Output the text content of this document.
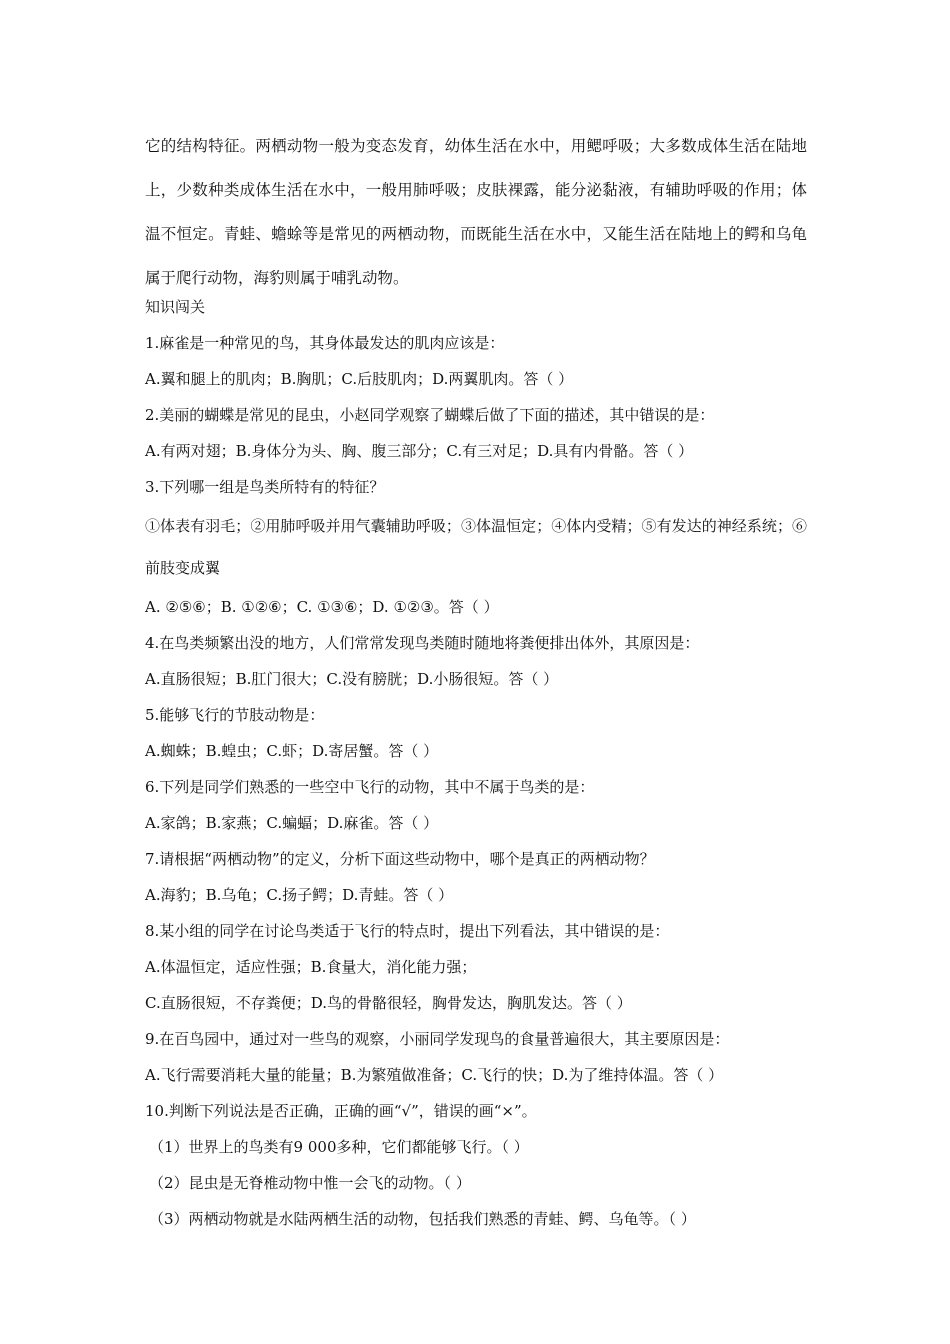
它的结构特征。两栖动物一般为变态发育，幼体生活在水中，用鳃呼吸；大多数成体生活在陆地上，少数种类成体生活在水中，一般用肺呼吸；皮肤裸露，能分泌黏液，有辅助呼吸的作用；体温不恒定。青蛙、蟾蜍等是常见的两栖动物，而既能生活在水中，又能生活在陆地上的鳄和乌龟属于爬行动物，海豹则属于哺乳动物。
知识闯关
1.麻雀是一种常见的鸟，其身体最发达的肌肉应该是：
A.翼和腿上的肌肉；B.胸肌；C.后肢肌肉；D.两翼肌肉。答（ ）
2.美丽的蝴蝶是常见的昆虫，小赵同学观察了蝴蝶后做了下面的描述，其中错误的是：
A.有两对翅；B.身体分为头、胸、腹三部分；C.有三对足；D.具有内骨骼。答（ ）
3.下列哪一组是鸟类所特有的特征？
①体表有羽毛；②用肺呼吸并用气囊辅助呼吸；③体温恒定；④体内受精；⑤有发达的神经系统；⑥前肢变成翼
A. ②⑤⑥；B. ①②⑥；C. ①③⑥；D. ①②③。答（ ）
4.在鸟类频繁出没的地方，人们常常发现鸟类随时随地将粪便排出体外，其原因是：
A.直肠很短；B.肛门很大；C.没有膀胱；D.小肠很短。答（ ）
5.能够飞行的节肢动物是：
A.蜘蛛；B.蝗虫；C.虾；D.寄居蟹。答（ ）
6.下列是同学们熟悉的一些空中飞行的动物，其中不属于鸟类的是：
A.家鸽；B.家燕；C.蝙蝠；D.麻雀。答（ ）
7.请根据“两栖动物”的定义，分析下面这些动物中，哪个是真正的两栖动物？
A.海豹；B.乌龟；C.扬子鳄；D.青蛙。答（ ）
8.某小组的同学在讨论鸟类适于飞行的特点时，提出下列看法，其中错误的是：
A.体温恒定，适应性强；B.食量大，消化能力强；
C.直肠很短，不存粪便；D.鸟的骨骼很轻，胸骨发达，胸肌发达。答（ ）
9.在百鸟园中，通过对一些鸟的观察，小丽同学发现鸟的食量普遍很大，其主要原因是：
A.飞行需要消耗大量的能量；B.为繁殖做准备；C.飞行的快；D.为了维持体温。答（ ）
10.判断下列说法是否正确，正确的画“√”，错误的画“×”。
（1）世界上的鸟类有9 000多种，它们都能够飞行。（ ）
（2）昆虫是无脊椎动物中惟一会飞的动物。（ ）
（3）两栖动物就是水陆两栖生活的动物，包括我们熟悉的青蛙、鳄、乌龟等。（ ）
